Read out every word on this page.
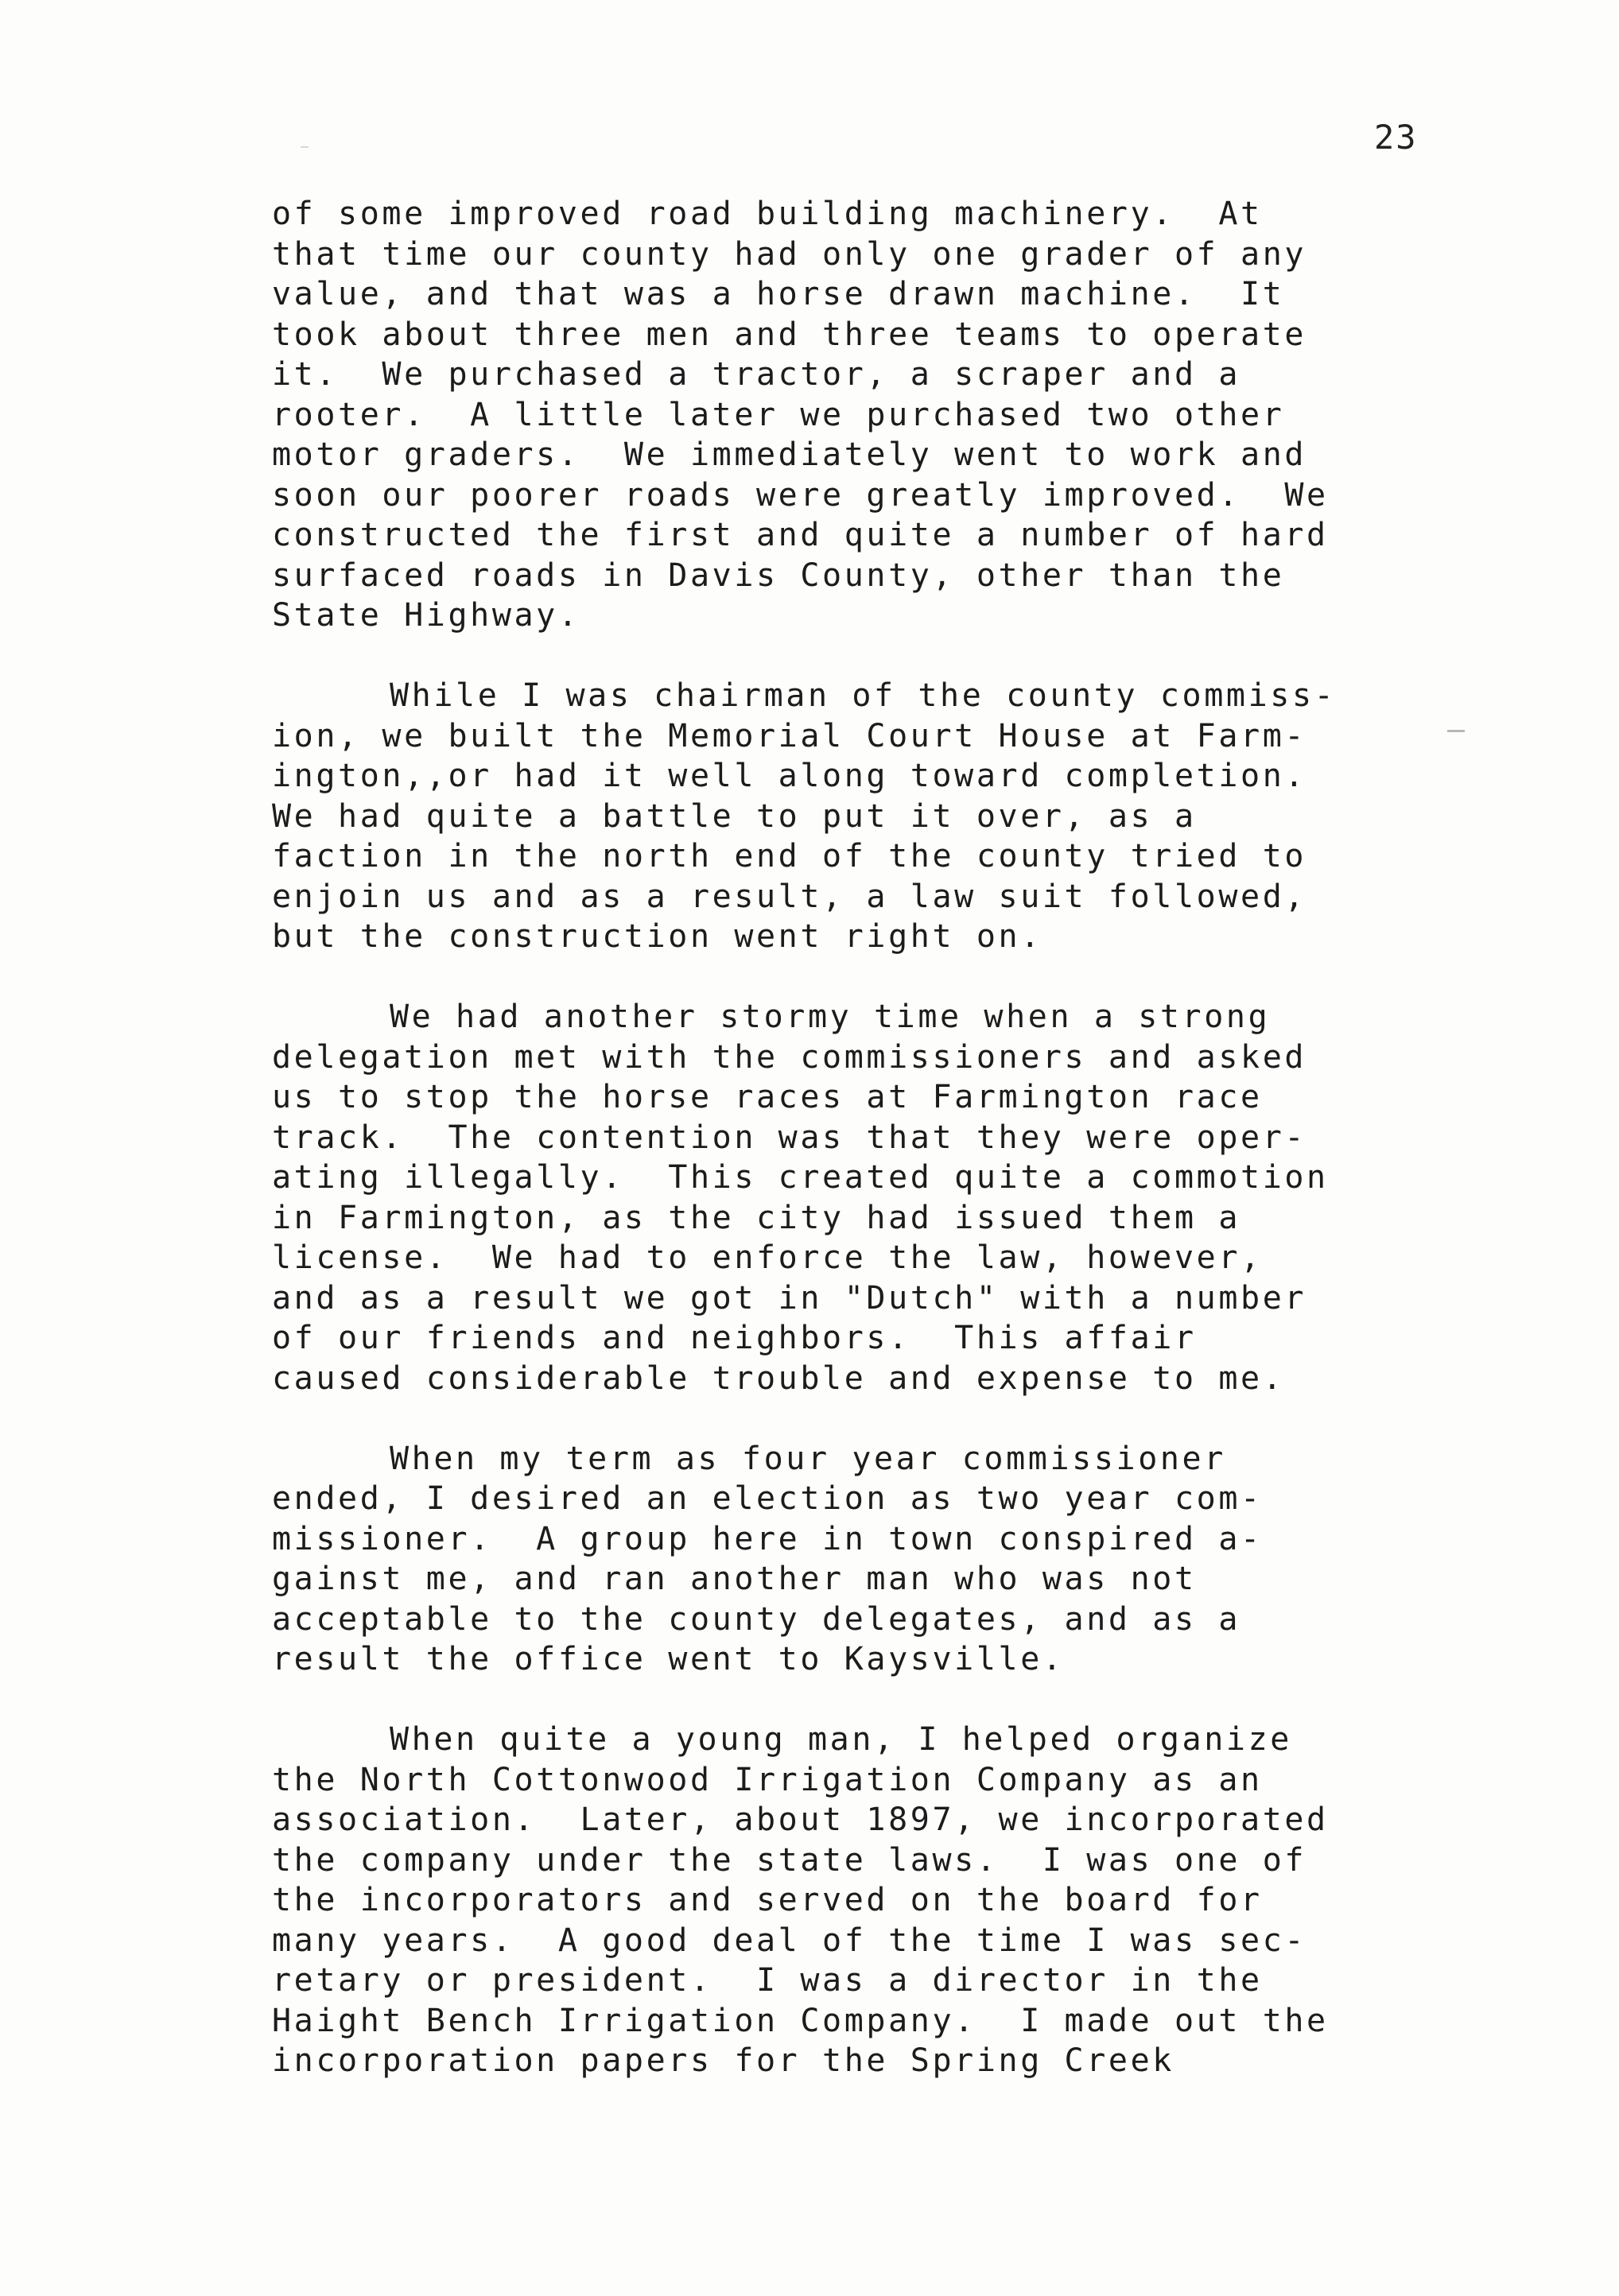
23
of some improved road building machinery.  At
that time our county had only one grader of any
value, and that was a horse drawn machine.  It
took about three men and three teams to operate
it.  We purchased a tractor, a scraper and a
rooter.  A little later we purchased two other
motor graders.  We immediately went to work and
soon our poorer roads were greatly improved.  We
constructed the first and quite a number of hard
surfaced roads in Davis County, other than the
State Highway.
While I was chairman of the county commiss-
ion, we built the Memorial Court House at Farm-
ington,,or had it well along toward completion.
We had quite a battle to put it over, as a
faction in the north end of the county tried to
enjoin us and as a result, a law suit followed,
but the construction went right on.
We had another stormy time when a strong
delegation met with the commissioners and asked
us to stop the horse races at Farmington race
track.  The contention was that they were oper-
ating illegally.  This created quite a commotion
in Farmington, as the city had issued them a
license.  We had to enforce the law, however,
and as a result we got in "Dutch" with a number
of our friends and neighbors.  This affair
caused considerable trouble and expense to me.
When my term as four year commissioner
ended, I desired an election as two year com-
missioner.  A group here in town conspired a-
gainst me, and ran another man who was not
acceptable to the county delegates, and as a
result the office went to Kaysville.
When quite a young man, I helped organize
the North Cottonwood Irrigation Company as an
association.  Later, about 1897, we incorporated
the company under the state laws.  I was one of
the incorporators and served on the board for
many years.  A good deal of the time I was sec-
retary or president.  I was a director in the
Haight Bench Irrigation Company.  I made out the
incorporation papers for the Spring Creek
